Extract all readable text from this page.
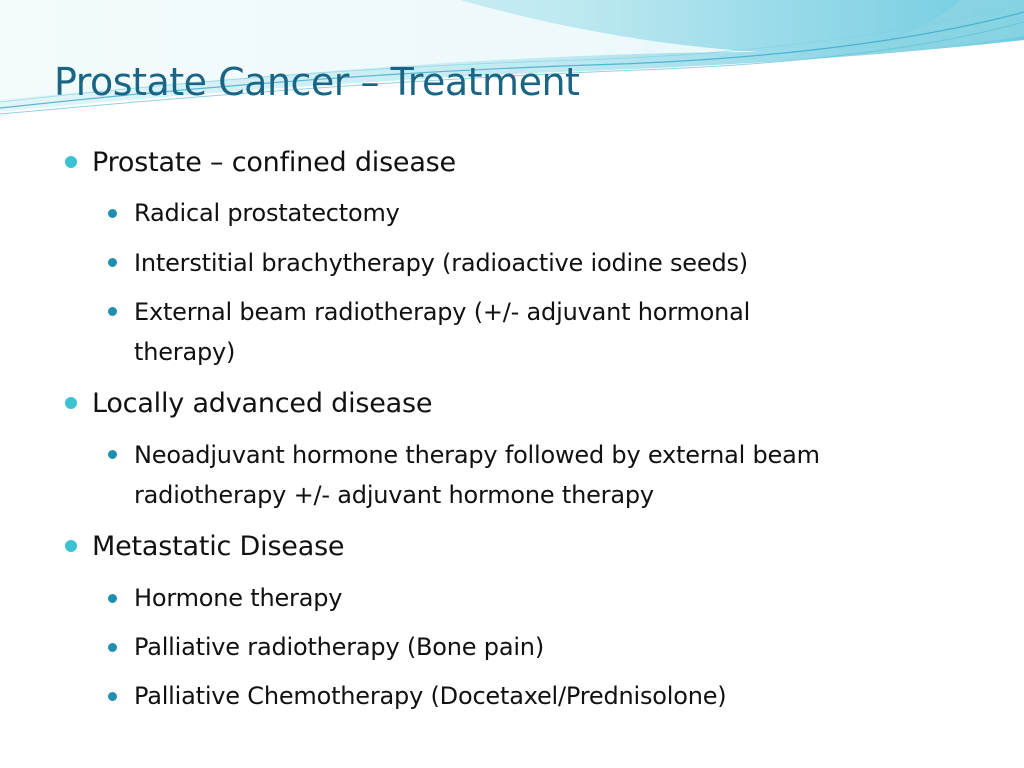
Prostate Cancer – Treatment
Prostate – confined disease
Radical prostatectomy
Interstitial brachytherapy (radioactive iodine seeds)
External beam radiotherapy (+/- adjuvant hormonal therapy)
Locally advanced disease
Neoadjuvant hormone therapy followed by external beam radiotherapy +/- adjuvant hormone therapy
Metastatic Disease
Hormone therapy
Palliative radiotherapy (Bone pain)
Palliative Chemotherapy (Docetaxel/Prednisolone)
